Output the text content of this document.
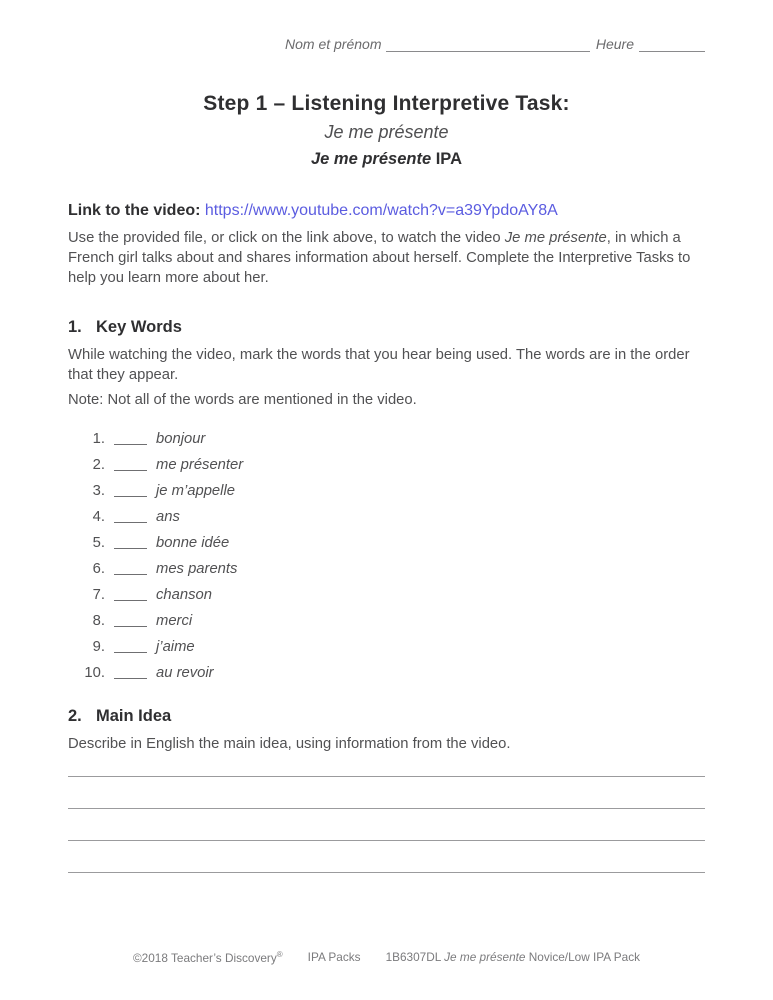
Nom et prénom	Heure
Step 1 – Listening Interpretive Task:
Je me présente
Je me présente IPA
Link to the video: https://www.youtube.com/watch?v=a39YpdoAY8A

Use the provided file, or click on the link above, to watch the video Je me présente, in which a French girl talks about and shares information about herself. Complete the Interpretive Tasks to help you learn more about her.

1. Key Words

While watching the video, mark the words that you hear being used. The words are in the order that they appear.

Note: Not all of the words are mentioned in the video.

1.	bonjour
2.	me présenter
3.	je m’appelle
4.	ans
5.	bonne idée
6.	mes parents
7.	chanson
8.	merci
9.	j’aime
10.	au revoir
2. Main Idea

Describe in English the main idea, using information from the video.

©2018 Teacher’s Discovery® IPA Packs 1B6307DL Je me présente Novice/Low IPA Pack
